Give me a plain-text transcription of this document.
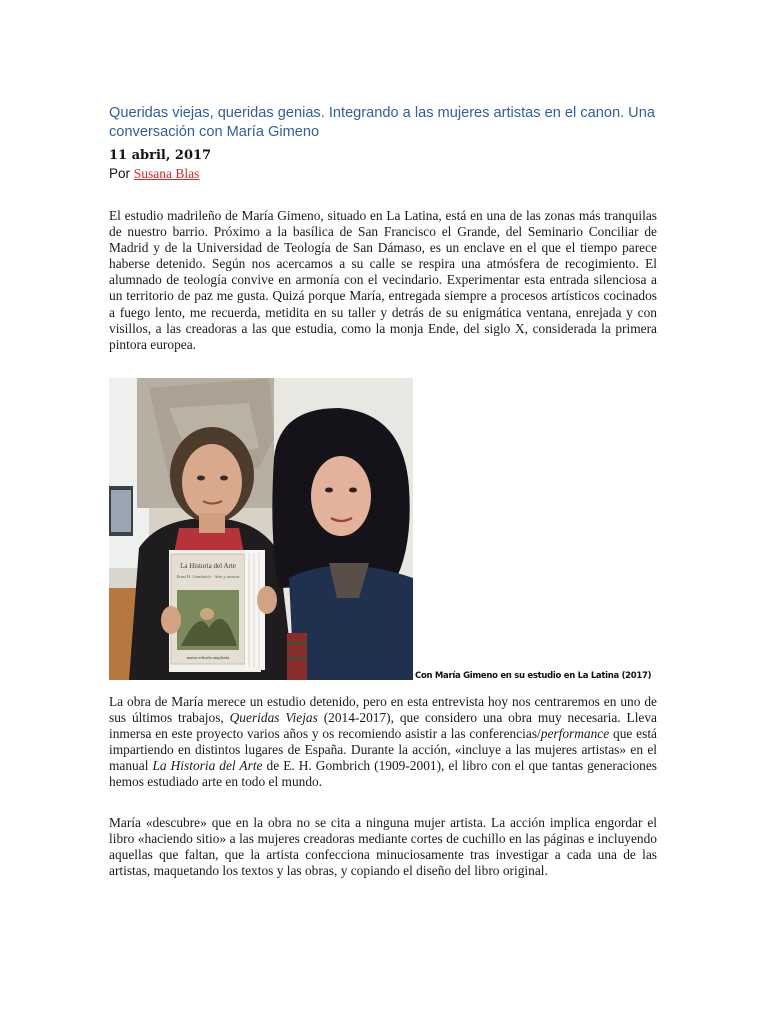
Queridas viejas, queridas genias. Integrando a las mujeres artistas en el canon. Una conversación con María Gimeno
11 abril, 2017
Por Susana Blas

El estudio madrileño de María Gimeno, situado en La Latina, está en una de las zonas más tranquilas de nuestro barrio. Próximo a la basílica de San Francisco el Grande, del Seminario Conciliar de Madrid y de la Universidad de Teología de San Dámaso, es un enclave en el que el tiempo parece haberse detenido. Según nos acercamos a su calle se respira una atmósfera de recogimiento. El alumnado de teología convive en armonía con el vecindario. Experimentar esta entrada silenciosa a un territorio de paz me gusta. Quizá porque María, entregada siempre a procesos artísticos cocinados a fuego lento, me recuerda, metidita en su taller y detrás de su enigmática ventana, enrejada y con visillos, a las creadoras a las que estudia, como la monja Ende, del siglo X, considerada la primera pintora europea.

La Historia del Arte
Ernst H. Gombrich · Arte y artistas
nueva edición ampliada
Con María Gimeno en su estudio en La Latina (2017)

La obra de María merece un estudio detenido, pero en esta entrevista hoy nos centraremos en uno de sus últimos trabajos, Queridas Viejas (2014-2017), que considero una obra muy necesaria. Lleva inmersa en este proyecto varios años y os recomiendo asistir a las conferencias/performance que está impartiendo en distintos lugares de España. Durante la acción, «incluye a las mujeres artistas» en el manual La Historia del Arte de E. H. Gombrich (1909-2001), el libro con el que tantas generaciones hemos estudiado arte en todo el mundo.

María «descubre» que en la obra no se cita a ninguna mujer artista. La acción implica engordar el libro «haciendo sitio» a las mujeres creadoras mediante cortes de cuchillo en las páginas e incluyendo aquellas que faltan, que la artista confecciona minuciosamente tras investigar a cada una de las artistas, maquetando los textos y las obras, y copiando el diseño del libro original.
